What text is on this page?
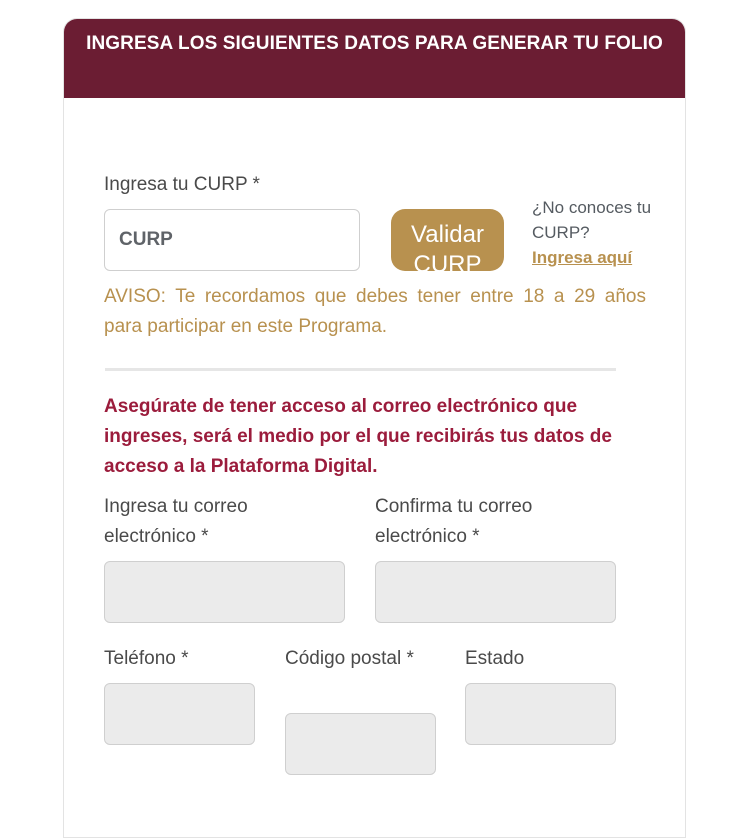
INGRESA LOS SIGUIENTES DATOS PARA GENERAR TU FOLIO
Ingresa tu CURP *
CURP
Validar CURP
¿No conoces tu CURP?
Ingresa aquí
AVISO: Te recordamos que debes tener entre 18 a 29 años para participar en este Programa.
Asegúrate de tener acceso al correo electrónico que ingreses, será el medio por el que recibirás tus datos de acceso a la Plataforma Digital.
Ingresa tu correo electrónico *
Confirma tu correo electrónico *
Teléfono *	Código postal *	Estado
